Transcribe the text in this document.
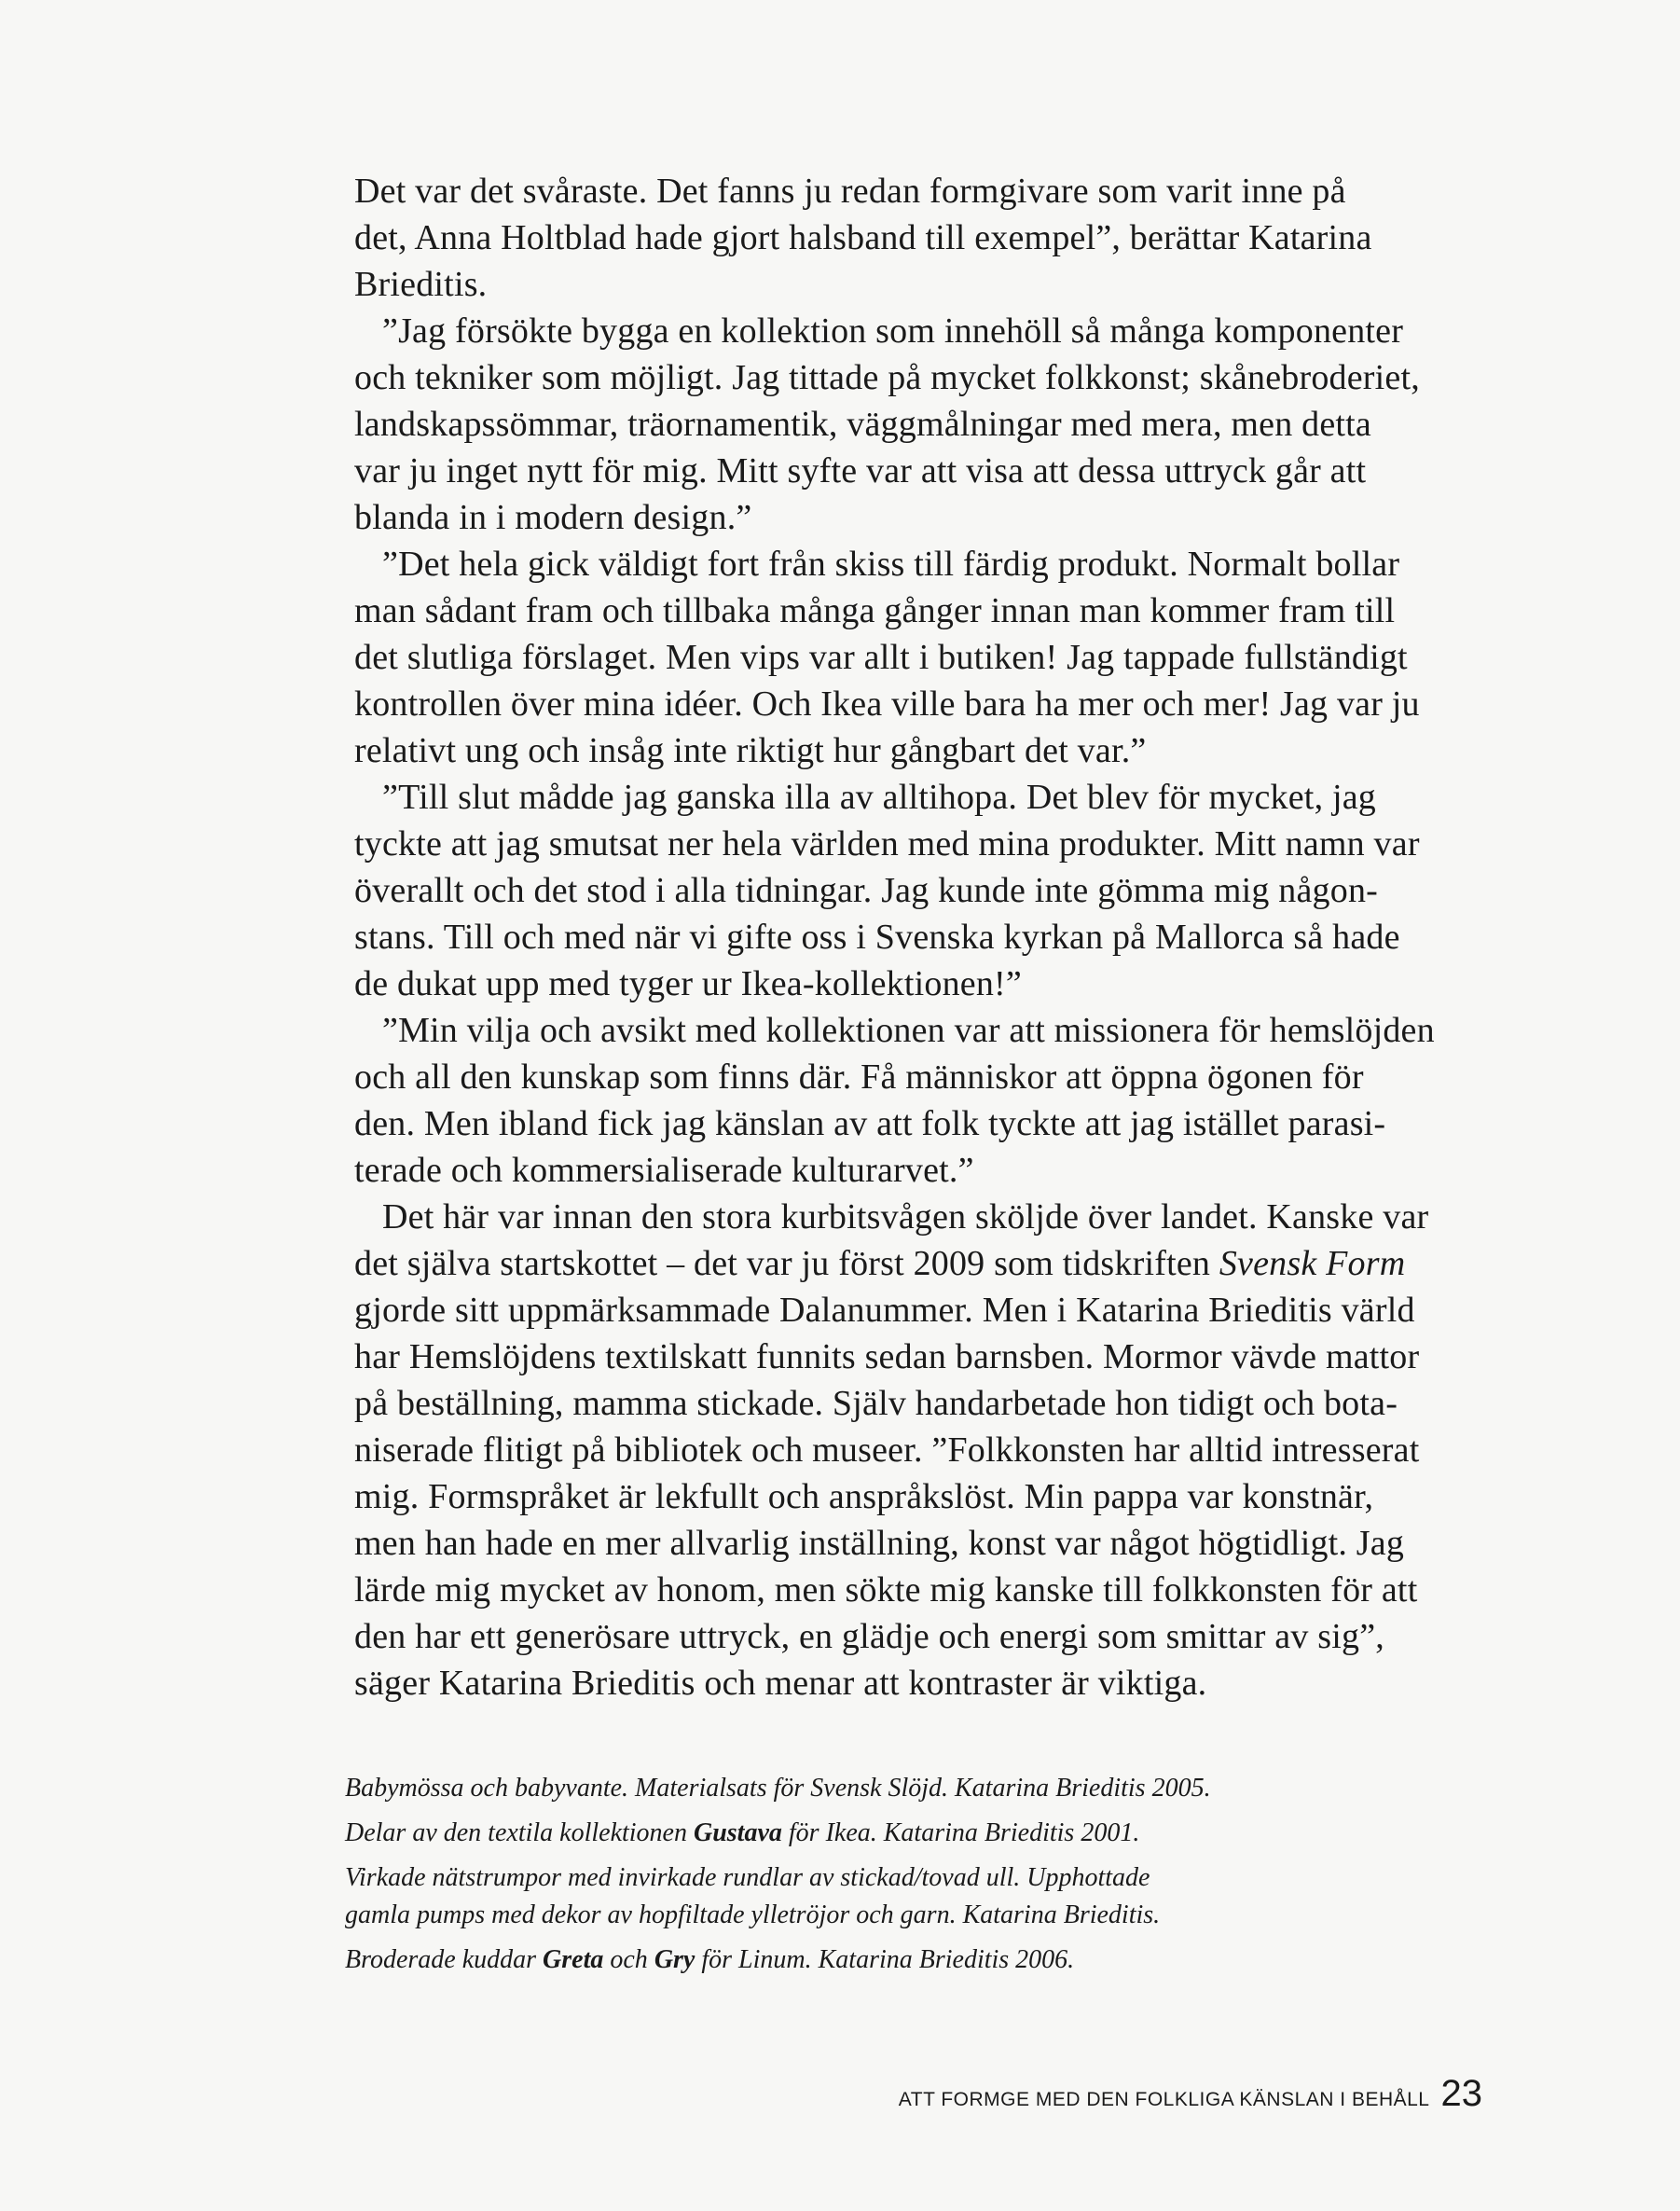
Det var det svåraste. Det fanns ju redan formgivare som varit inne på
det, Anna Holtblad hade gjort halsband till exempel”, berättar Katarina
Brieditis.
”Jag försökte bygga en kollektion som innehöll så många komponenter
och tekniker som möjligt. Jag tittade på mycket folkkonst; skånebroderiet,
landskapssömmar, träornamentik, väggmålningar med mera, men detta
var ju inget nytt för mig. Mitt syfte var att visa att dessa uttryck går att
blanda in i modern design.”
”Det hela gick väldigt fort från skiss till färdig produkt. Normalt bollar
man sådant fram och tillbaka många gånger innan man kommer fram till
det slutliga förslaget. Men vips var allt i butiken! Jag tappade fullständigt
kontrollen över mina idéer. Och Ikea ville bara ha mer och mer! Jag var ju
relativt ung och insåg inte riktigt hur gångbart det var.”
”Till slut mådde jag ganska illa av alltihopa. Det blev för mycket, jag
tyckte att jag smutsat ner hela världen med mina produkter. Mitt namn var
överallt och det stod i alla tidningar. Jag kunde inte gömma mig någon-
stans. Till och med när vi gifte oss i Svenska kyrkan på Mallorca så hade
de dukat upp med tyger ur Ikea-kollektionen!”
”Min vilja och avsikt med kollektionen var att missionera för hemslöjden
och all den kunskap som finns där. Få människor att öppna ögonen för
den. Men ibland fick jag känslan av att folk tyckte att jag istället parasi-
terade och kommersialiserade kulturarvet.”
Det här var innan den stora kurbitsvågen sköljde över landet. Kanske var
det själva startskottet – det var ju först 2009 som tidskriften Svensk Form
gjorde sitt uppmärksammade Dalanummer. Men i Katarina Brieditis värld
har Hemslöjdens textilskatt funnits sedan barnsben. Mormor vävde mattor
på beställning, mamma stickade. Själv handarbetade hon tidigt och bota-
niserade flitigt på bibliotek och museer. ”Folkkonsten har alltid intresserat
mig. Formspråket är lekfullt och anspråkslöst. Min pappa var konstnär,
men han hade en mer allvarlig inställning, konst var något högtidligt. Jag
lärde mig mycket av honom, men sökte mig kanske till folkkonsten för att
den har ett generösare uttryck, en glädje och energi som smittar av sig”,
säger Katarina Brieditis och menar att kontraster är viktiga.
Babymössa och babyvante. Materialsats för Svensk Slöjd. Katarina Brieditis 2005.
Delar av den textila kollektionen Gustava för Ikea. Katarina Brieditis 2001.
Virkade nätstrumpor med invirkade rundlar av stickad/tovad ull. Upphottade
gamla pumps med dekor av hopfiltade ylletröjor och garn. Katarina Brieditis.
Broderade kuddar Greta och Gry för Linum. Katarina Brieditis 2006.
ATT FORMGE MED DEN FOLKLIGA KÄNSLAN I BEHÅLL 23
